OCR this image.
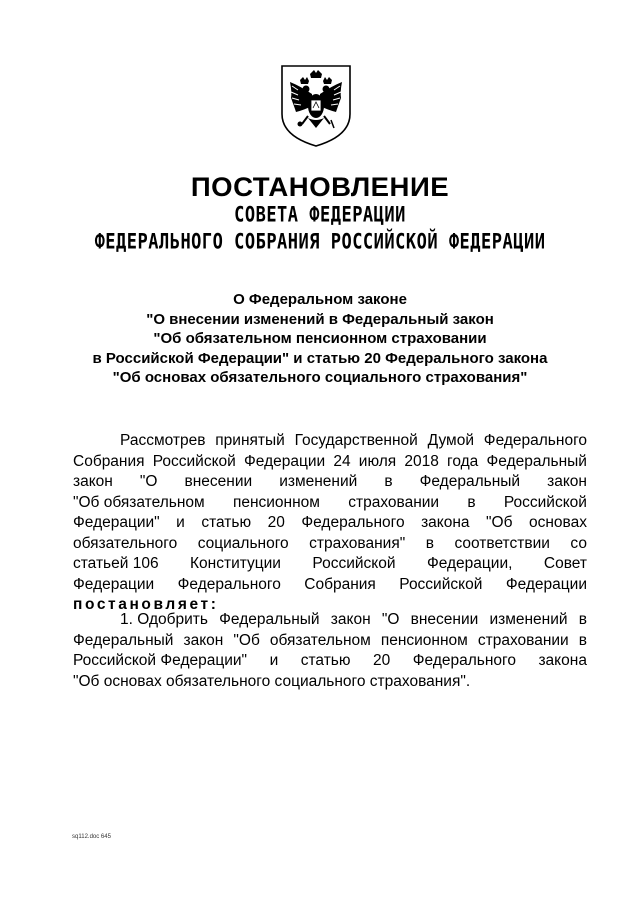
ПОСТАНОВЛЕНИЕ
СОВЕТА ФЕДЕРАЦИИ
ФЕДЕРАЛЬНОГО СОБРАНИЯ РОССИЙСКОЙ ФЕДЕРАЦИИ
О Федеральном законе
"О внесении изменений в Федеральный закон
"Об обязательном пенсионном страховании
в Российской Федерации" и статью 20 Федерального закона
"Об основах обязательного социального страхования"
Рассмотрев принятый Государственной Думой Федерального
Собрания Российской Федерации 24 июля 2018 года Федеральный
закон "О внесении изменений в Федеральный закон
"Об обязательном пенсионном страховании в Российской
Федерации" и статью 20 Федерального закона "Об основах
обязательного социального страхования" в соответствии со
статьей 106 Конституции Российской Федерации, Совет
Федерации Федерального Собрания Российской Федерации
постановляет:
1. Одобрить Федеральный закон "О внесении изменений в
Федеральный закон "Об обязательном пенсионном страховании в
Российской Федерации" и статью 20 Федерального закона
"Об основах обязательного социального страхования".
sq112.doc 645
